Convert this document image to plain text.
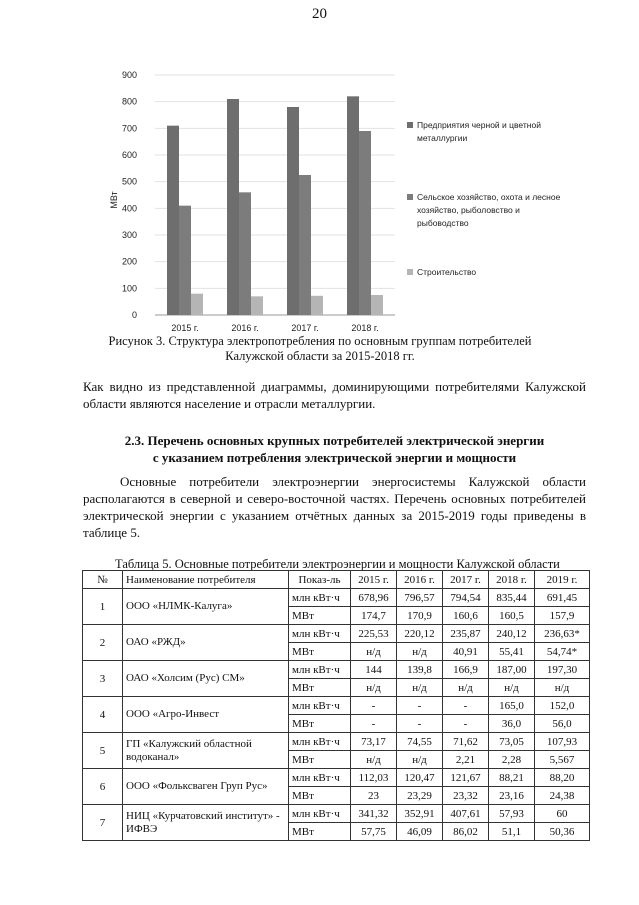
20
0
100
200
300
400
500
600
700
800
900
МВт
2015 г.	2016 г.	2017 г.	2018 г.
Предприятия черной и цветной
металлургии
Сельское хозяйство, охота и лесное
хозяйство, рыболовство и
рыбоводство
Строительство
Рисунок 3. Структура электропотребления по основным группам потребителей Калужской области за 2015-2018 гг.

Как видно из представленной диаграммы, доминирующими потребителями Калужской области являются население и отрасли металлургии.

2.3. Перечень основных крупных потребителей электрической энергии
с указанием потребления электрической энергии и мощности

Основные потребители электроэнергии энергосистемы Калужской области располагаются в северной и северо-восточной частях. Перечень основных потребителей электрической энергии с указанием отчётных данных за 2015-2019 годы приведены в таблице 5.

Таблица 5. Основные потребители электроэнергии и мощности Калужской области
№	Наименование потребителя	Показ-ль	2015 г.	2016 г.	2017 г.	2018 г.	2019 г.
1	ООО «НЛМК-Калуга»	млн кВт·ч	678,96	796,57	794,54	835,44	691,45
		МВт	174,7	170,9	160,6	160,5	157,9
2	ОАО «РЖД»	млн кВт·ч	225,53	220,12	235,87	240,12	236,63*
		МВт	н/д	н/д	40,91	55,41	54,74*
3	ОАО «Холсим (Рус) СМ»	млн кВт·ч	144	139,8	166,9	187,00	197,30
		МВт	н/д	н/д	н/д	н/д	н/д
4	ООО «Агро-Инвест	млн кВт·ч	-	-	-	165,0	152,0
		МВт	-	-	-	36,0	56,0
5	ГП «Калужский областной водоканал»	млн кВт·ч	73,17	74,55	71,62	73,05	107,93
		МВт	н/д	н/д	2,21	2,28	5,567
6	ООО «Фольксваген Груп Рус»	млн кВт·ч	112,03	120,47	121,67	88,21	88,20
		МВт	23	23,29	23,32	23,16	24,38
7	НИЦ «Курчатовский институт» - ИФВЭ	млн кВт·ч	341,32	352,91	407,61	57,93	60
		МВт	57,75	46,09	86,02	51,1	50,36
